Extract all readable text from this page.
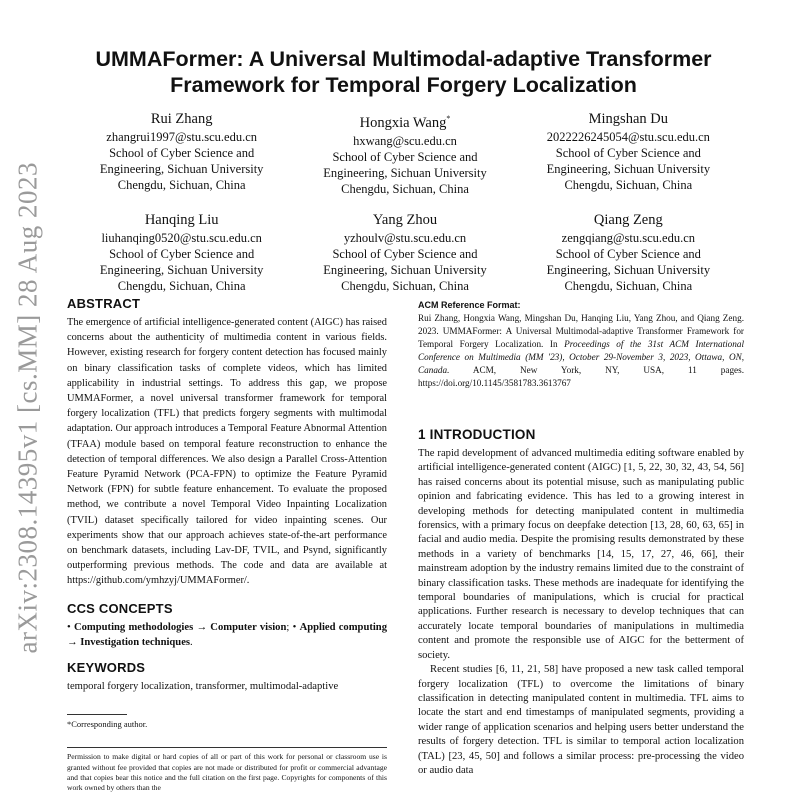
arXiv:2308.14395v1 [cs.MM] 28 Aug 2023
UMMAFormer: A Universal Multimodal-adaptive Transformer
Framework for Temporal Forgery Localization
Rui Zhang
zhangrui1997@stu.scu.edu.cn
School of Cyber Science and
Engineering, Sichuan University
Chengdu, Sichuan, China
Hongxia Wang*
hxwang@scu.edu.cn
School of Cyber Science and
Engineering, Sichuan University
Chengdu, Sichuan, China
Mingshan Du
2022226245054@stu.scu.edu.cn
School of Cyber Science and
Engineering, Sichuan University
Chengdu, Sichuan, China
Hanqing Liu
liuhanqing0520@stu.scu.edu.cn
School of Cyber Science and
Engineering, Sichuan University
Chengdu, Sichuan, China
Yang Zhou
yzhoulv@stu.scu.edu.cn
School of Cyber Science and
Engineering, Sichuan University
Chengdu, Sichuan, China
Qiang Zeng
zengqiang@stu.scu.edu.cn
School of Cyber Science and
Engineering, Sichuan University
Chengdu, Sichuan, China
ABSTRACT

The emergence of artificial intelligence-generated content (AIGC) has raised concerns about the authenticity of multimedia content in various fields. However, existing research for forgery content detection has focused mainly on binary classification tasks of complete videos, which has limited applicability in industrial settings. To address this gap, we propose UMMAFormer, a novel universal transformer framework for temporal forgery localization (TFL) that predicts forgery segments with multimodal adaptation. Our approach introduces a Temporal Feature Abnormal Attention (TFAA) module based on temporal feature reconstruction to enhance the detection of temporal differences. We also design a Parallel Cross-Attention Feature Pyramid Network (PCA-FPN) to optimize the Feature Pyramid Network (FPN) for subtle feature enhancement. To evaluate the proposed method, we contribute a novel Temporal Video Inpainting Localization (TVIL) dataset specifically tailored for video inpainting scenes. Our experiments show that our approach achieves state-of-the-art performance on benchmark datasets, including Lav-DF, TVIL, and Psynd, significantly outperforming previous methods. The code and data are available at https://github.com/ymhzyj/UMMAFormer/.

CCS CONCEPTS

• Computing methodologies → Computer vision; • Applied computing → Investigation techniques.

KEYWORDS

temporal forgery localization, transformer, multimodal-adaptive

*Corresponding author.
Permission to make digital or hard copies of all or part of this work for personal or classroom use is granted without fee provided that copies are not made or distributed for profit or commercial advantage and that copies bear this notice and the full citation on the first page. Copyrights for components of this work owned by others than the
ACM Reference Format:
Rui Zhang, Hongxia Wang, Mingshan Du, Hanqing Liu, Yang Zhou, and Qiang Zeng. 2023. UMMAFormer: A Universal Multimodal-adaptive Transformer Framework for Temporal Forgery Localization. In Proceedings of the 31st ACM International Conference on Multimedia (MM '23), October 29-November 3, 2023, Ottawa, ON, Canada. ACM, New York, NY, USA, 11 pages. https://doi.org/10.1145/3581783.3613767
1 INTRODUCTION

The rapid development of advanced multimedia editing software enabled by artificial intelligence-generated content (AIGC) [1, 5, 22, 30, 32, 43, 54, 56] has raised concerns about its potential misuse, such as manipulating public opinion and fabricating evidence. This has led to a growing interest in developing methods for detecting manipulated content in multimedia forensics, with a primary focus on deepfake detection [13, 28, 60, 63, 65] in facial and audio media. Despite the promising results demonstrated by these methods in a variety of benchmarks [14, 15, 17, 27, 46, 66], their mainstream adoption by the industry remains limited due to the constraint of binary classification tasks. These methods are inadequate for identifying the temporal boundaries of manipulations, which is crucial for practical applications. Further research is necessary to develop techniques that can accurately locate temporal boundaries of manipulations in multimedia content and promote the responsible use of AIGC for the betterment of society.

Recent studies [6, 11, 21, 58] have proposed a new task called temporal forgery localization (TFL) to overcome the limitations of binary classification in detecting manipulated content in multimedia. TFL aims to locate the start and end timestamps of manipulated segments, providing a wider range of application scenarios and helping users better understand the results of forgery detection. TFL is similar to temporal action localization (TAL) [23, 45, 50] and follows a similar process: pre-processing the video or audio data
